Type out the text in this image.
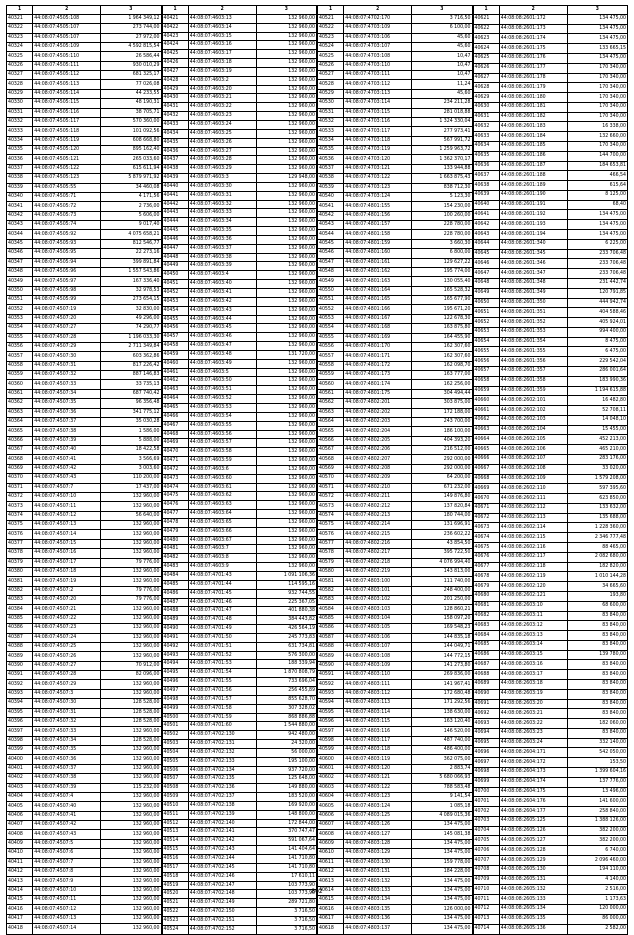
1	2	3
40321	44:08:07:4505:108	1 964 349,12
40322	44:08:07:4505:107	273 744,00
40323	44:08:07:4505:107	27 972,00
40324	44:08:07:4505:109	4 592 815,54
40325	44:08:07:4505:110	26 586,44
40326	44:08:07:4505:111	930 010,29
40327	44:08:07:4505:112	681 325,17
40328	44:08:07:4505:113	77 026,08
40329	44:08:07:4505:114	44 233,55
40330	44:08:07:4505:115	48 190,31
40331	44:08:07:4505:116	38 705,71
40332	44:08:07:4505:117	570 360,00
40333	44:08:07:4505:118	101 092,56
40334	44:08:07:4505:119	608 668,80
40335	44:08:07:4505:120	895 162,40
40336	44:08:07:4505:121	265 033,60
40337	44:08:07:4505:122	615 611,94
40338	44:08:07:4505:123	5 879 971,92
40339	44:08:07:4505:55	34 460,08
40340	44:08:07:4505:71	4 171,56
40341	44:08:07:4505:72	2 736,00
40342	44:08:07:4505:73	5 606,00
40343	44:08:07:4505:74	9 017,40
40344	44:08:07:4505:92	4 075 658,21
40345	44:08:07:4505:93	812 546,77
40346	44:08:07:4505:95	22 273,16
40347	44:08:07:4505:94	399 891,84
40348	44:08:07:4505:96	1 557 543,86
40349	44:08:07:4505:97	167 336,40
40350	44:08:07:4505:98	32 978,53
40351	44:08:07:4505:99	273 654,15
40352	44:08:07:4507:19	32 830,00
40353	44:08:07:4507:20	49 296,00
40354	44:08:07:4507:27	74 290,77
40355	44:08:07:4507:28	1 196 033,30
40356	44:08:07:4507:29	2 711 349,84
40357	44:08:07:4507:30	603 362,86
40358	44:08:07:4507:31	817 226,42
40359	44:08:07:4507:32	887 146,83
40360	44:08:07:4507:33	33 735,13
40361	44:08:07:4507:34	687 740,42
40362	44:08:07:4507:35	96 356,48
40363	44:08:07:4507:36	341 775,12
40364	44:08:07:4507:37	35 030,28
40365	44:08:07:4507:38	1 586,00
40366	44:08:07:4507:39	5 888,00
40367	44:08:07:4507:40	18 422,58
40368	44:08:07:4507:41	3 566,69
40369	44:08:07:4507:42	3 003,60
40370	44:08:07:4507:43	110 200,00
40371	44:08:07:4507:7	17 437,00
40372	44:08:07:4507:10	132 960,00
40373	44:08:07:4507:11	132 960,00
40374	44:08:07:4507:12	56 640,00
40375	44:08:07:4507:13	132 960,00
40376	44:08:07:4507:14	132 960,00
40377	44:08:07:4507:15	132 960,00
40378	44:08:07:4507:16	132 960,00
40379	44:08:07:4507:17	79 776,00
40380	44:08:07:4507:18	132 960,00
40381	44:08:07:4507:19	132 960,00
40382	44:08:07:4507:2	79 776,00
40383	44:08:07:4507:20	79 776,00
40384	44:08:07:4507:21	132 960,00
40385	44:08:07:4507:22	132 960,00
40386	44:08:07:4507:23	132 960,00
40387	44:08:07:4507:24	132 960,00
40388	44:08:07:4507:25	132 960,00
40389	44:08:07:4507:26	132 960,00
40390	44:08:07:4507:27	70 912,00
40391	44:08:07:4507:28	82 096,00
40392	44:08:07:4507:29	132 960,00
40393	44:08:07:4507:3	132 960,00
40394	44:08:07:4507:30	128 528,00
40395	44:08:07:4507:31	128 528,00
40396	44:08:07:4507:32	128 528,00
40397	44:08:07:4507:33	132 960,00
40398	44:08:07:4507:34	128 528,00
40399	44:08:07:4507:35	132 960,00
40400	44:08:07:4507:36	132 960,00
40401	44:08:07:4507:37	132 960,00
40402	44:08:07:4507:38	132 960,00
40403	44:08:07:4507:39	115 232,00
40404	44:08:07:4507:4	132 960,00
40405	44:08:07:4507:40	132 960,00
40406	44:08:07:4507:41	132 960,00
40407	44:08:07:4507:42	132 960,00
40408	44:08:07:4507:43	132 960,00
40409	44:08:07:4507:5	132 960,00
40410	44:08:07:4507:6	132 960,00
40411	44:08:07:4507:7	132 960,00
40412	44:08:07:4507:8	132 960,00
40413	44:08:07:4507:9	132 960,00
40414	44:08:07:4507:10	132 960,00
40415	44:08:07:4507:11	132 960,00
40416	44:08:07:4507:12	132 960,00
40417	44:08:07:4507:13	132 960,00
40418	44:08:07:4507:14	132 960,00
1	2	3
40421	44:08:07:4603:13	132 960,00
40422	44:08:07:4603:14	132 960,00
40423	44:08:07:4603:15	132 960,00
40424	44:08:07:4603:16	132 960,00
40425	44:08:07:4603:17	132 960,00
40426	44:08:07:4603:18	132 960,00
40427	44:08:07:4603:19	132 960,00
40428	44:08:07:4603:2	132 960,00
40429	44:08:07:4603:20	132 960,00
40430	44:08:07:4603:21	132 960,00
40431	44:08:07:4603:22	132 960,00
40432	44:08:07:4603:23	132 960,00
40433	44:08:07:4603:24	132 960,00
40434	44:08:07:4603:25	132 960,00
40435	44:08:07:4603:26	132 960,00
40436	44:08:07:4603:27	132 960,00
40437	44:08:07:4603:28	132 960,00
40438	44:08:07:4603:29	132 960,00
40439	44:08:07:4603:3	129 948,00
40440	44:08:07:4603:30	132 960,00
40441	44:08:07:4603:31	132 960,00
40442	44:08:07:4603:32	132 960,00
40443	44:08:07:4603:33	132 960,00
40444	44:08:07:4603:34	132 960,00
40445	44:08:07:4603:35	132 960,00
40446	44:08:07:4603:36	132 960,00
40447	44:08:07:4603:37	132 960,00
40448	44:08:07:4603:38	132 960,00
40449	44:08:07:4603:39	132 960,00
40450	44:08:07:4603:4	132 960,00
40451	44:08:07:4603:40	132 960,00
40452	44:08:07:4603:41	132 960,00
40453	44:08:07:4603:42	132 960,00
40454	44:08:07:4603:43	132 960,00
40455	44:08:07:4603:44	132 960,00
40456	44:08:07:4603:45	132 960,00
40457	44:08:07:4603:46	132 960,00
40458	44:08:07:4603:47	132 960,00
40459	44:08:07:4603:48	131 720,00
40460	44:08:07:4603:49	132 960,00
40461	44:08:07:4603:5	132 960,00
40462	44:08:07:4603:50	132 960,00
40463	44:08:07:4603:51	132 960,00
40464	44:08:07:4603:52	132 960,00
40465	44:08:07:4603:53	132 960,00
40466	44:08:07:4603:54	132 960,00
40467	44:08:07:4603:55	132 960,00
40468	44:08:07:4603:56	132 960,00
40469	44:08:07:4603:57	132 960,00
40470	44:08:07:4603:58	132 960,00
40471	44:08:07:4603:59	132 960,00
40472	44:08:07:4603:6	132 960,00
40473	44:08:07:4603:60	132 960,00
40474	44:08:07:4603:61	132 960,00
40475	44:08:07:4603:62	132 960,00
40476	44:08:07:4603:63	132 960,00
40477	44:08:07:4603:64	132 960,00
40478	44:08:07:4603:65	132 960,00
40479	44:08:07:4603:66	132 960,00
40480	44:08:07:4603:67	132 960,00
40481	44:08:07:4603:7	132 960,00
40482	44:08:07:4603:8	132 960,00
40483	44:08:07:4603:9	132 960,00
40484	44:08:07:4701:43	1 091 106,36
40485	44:08:07:4701:44	114 595,16
40486	44:08:07:4701:45	932 744,55
40487	44:08:07:4701:46	225 367,05
40488	44:08:07:4701:47	401 880,38
40489	44:08:07:4701:48	384 443,82
40490	44:08:07:4701:49	426 564,19
40491	44:08:07:4701:50	245 773,83
40492	44:08:07:4701:51	631 734,81
40493	44:08:07:4701:52	576 300,00
40494	44:08:07:4701:53	188 339,94
40495	44:08:07:4701:54	1 870 808,79
40496	44:08:07:4701:55	733 696,04
40497	44:08:07:4701:56	256 455,89
40498	44:08:07:4701:57	855 628,70
40499	44:08:07:4701:58	307 328,02
40500	44:08:07:4701:59	868 886,88
40501	44:08:07:4701:60	1 544 880,00
40502	44:08:07:4702:130	942 480,00
40503	44:08:07:4702:131	24 320,00
40504	44:08:07:4702:132	56 000,00
40505	44:08:07:4702:133	195 100,00
40506	44:08:07:4702:134	937 720,00
40507	44:08:07:4702:135	125 648,00
40508	44:08:07:4702:136	149 880,00
40509	44:08:07:4702:137	183 520,00
40510	44:08:07:4702:138	169 920,00
40511	44:08:07:4702:139	148 800,00
40512	44:08:07:4702:140	172 844,00
40513	44:08:07:4702:141	370 747,47
40514	44:08:07:4702:142	591 067,64
40515	44:08:07:4702:143	141 404,64
40516	44:08:07:4702:144	141 710,80
40517	44:08:07:4702:145	141 710,80
40518	44:08:07:4702:146	17 610,11
40519	44:08:07:4702:147	103 773,90
40520	44:08:07:4702:148	103 773,90
40521	44:08:07:4702:149	289 721,80
40522	44:08:07:4702:150	3 716,50
40523	44:08:07:4702:151	3 716,50
40524	44:08:07:4702:152	3 716,50
1	2	3
40521	44:08:07:4702:170	3 716,50
40522	44:08:07:4703:109	6 100,00
40523	44:08:07:4703:106	45,60
40524	44:08:07:4703:107	45,60
40525	44:08:07:4703:108	10,47
40526	44:08:07:4703:110	10,47
40527	44:08:07:4703:111	10,47
40528	44:08:07:4703:112	11,24
40529	44:08:07:4703:113	45,60
40530	44:08:07:4703:114	234 211,28
40531	44:08:07:4703:115	281 018,88
40532	44:08:07:4703:116	1 324 330,04
40533	44:08:07:4703:117	277 973,41
40534	44:08:07:4703:118	567 991,72
40535	44:08:07:4703:119	1 259 963,72
40536	44:08:07:4703:120	1 362 370,17
40537	44:08:07:4703:121	133 944,88
40538	44:08:07:4703:122	1 663 875,43
40539	44:08:07:4703:123	838 712,30
40540	44:08:07:4703:124	5 123,30
40541	44:08:07:4801:155	154 230,00
40542	44:08:07:4801:156	100 260,00
40543	44:08:07:4801:157	228 780,00
40544	44:08:07:4801:158	228 780,00
40545	44:08:07:4801:159	3 660,30
40546	44:08:07:4801:160	6 800,00
40547	44:08:07:4801:161	129 627,22
40548	44:08:07:4801:162	195 774,00
40549	44:08:07:4801:163	130 055,40
40550	44:08:07:4801:164	165 528,32
40551	44:08:07:4801:165	165 677,90
40552	44:08:07:4801:166	195 671,20
40553	44:08:07:4801:167	122 678,30
40554	44:08:07:4801:168	163 875,80
40555	44:08:07:4801:169	164 455,90
40556	44:08:07:4801:170	162 307,60
40557	44:08:07:4801:171	162 307,60
40558	44:08:07:4801:172	162 098,70
40559	44:08:07:4801:173	163 777,00
40560	44:08:07:4801:174	162 256,00
40561	44:08:07:4801:175	304 494,44
40562	44:08:07:4802:201	303 875,00
40563	44:08:07:4802:202	172 188,00
40564	44:08:07:4802:203	243 700,00
40565	44:08:07:4802:204	186 100,00
40566	44:08:07:4802:205	404 393,20
40567	44:08:07:4802:206	216 512,00
40568	44:08:07:4802:207	292 000,00
40569	44:08:07:4802:208	292 000,00
40570	44:08:07:4802:209	64 200,00
40571	44:08:07:4802:210	671 232,00
40572	44:08:07:4802:211	149 876,80
40573	44:08:07:4802:212	137 820,84
40574	44:08:07:4802:213	180 744,00
40575	44:08:07:4802:214	131 696,91
40576	44:08:07:4802:215	236 602,22
40577	44:08:07:4802:216	43 854,50
40578	44:08:07:4802:217	395 722,50
40579	44:08:07:4802:218	4 076 994,40
40580	44:08:07:4802:219	143 813,00
40581	44:08:07:4803:100	111 740,00
40582	44:08:07:4803:101	248 400,00
40583	44:08:07:4803:102	201 250,00
40584	44:08:07:4803:103	128 860,21
40585	44:08:07:4803:104	158 097,20
40586	44:08:07:4803:105	169 548,23
40587	44:08:07:4803:106	144 835,18
40588	44:08:07:4803:107	144 049,71
40589	44:08:07:4803:108	144 772,15
40590	44:08:07:4803:109	141 273,80
40591	44:08:07:4803:110	269 836,00
40592	44:08:07:4803:111	141 967,41
40593	44:08:07:4803:112	172 680,48
40594	44:08:07:4803:113	171 292,56
40595	44:08:07:4803:114	138 630,00
40596	44:08:07:4803:115	163 120,40
40597	44:08:07:4803:116	146 520,00
40598	44:08:07:4803:117	487 740,00
40599	44:08:07:4803:118	486 400,00
40600	44:08:07:4803:119	362 075,00
40601	44:08:07:4803:120	2 883,74
40602	44:08:07:4803:121	5 680 066,93
40603	44:08:07:4803:122	788 583,48
40604	44:08:07:4803:123	9 141,54
40605	44:08:07:4803:124	1 085,18
40606	44:08:07:4803:125	4 089 015,36
40607	44:08:07:4803:126	134 475,00
40608	44:08:07:4803:127	145 081,38
40609	44:08:07:4803:128	134 475,00
40610	44:08:07:4803:129	134 475,00
40611	44:08:07:4803:130	159 778,00
40612	44:08:07:4803:131	184 228,00
40613	44:08:07:4803:132	134 475,00
40614	44:08:07:4803:133	134 475,00
40615	44:08:07:4803:134	134 475,00
40616	44:08:07:4803:135	126 000,00
40617	44:08:07:4803:136	134 475,00
40618	44:08:07:4803:137	134 475,00
1	2	3
40621	44:08:08:2601:172	134 475,00
40622	44:08:08:2601:173	134 475,00
40623	44:08:08:2601:174	134 475,00
40624	44:08:08:2601:175	133 665,15
40625	44:08:08:2601:176	134 475,00
40626	44:08:08:2601:177	170 340,00
40627	44:08:08:2601:178	170 340,00
40628	44:08:08:2601:179	170 340,00
40629	44:08:08:2601:180	170 340,00
40630	44:08:08:2601:181	170 340,00
40631	44:08:08:2601:182	170 340,00
40632	44:08:08:2601:183	16 338,00
40633	44:08:08:2601:184	132 660,00
40634	44:08:08:2601:185	170 340,00
40635	44:08:08:2601:186	144 700,00
40636	44:08:08:2601:187	184 653,81
40637	44:08:08:2601:188	466,54
40638	44:08:08:2601:189	615,64
40639	44:08:08:2601:190	8 125,00
40640	44:08:08:2601:191	68,40
40641	44:08:08:2601:192	134 475,00
40642	44:08:08:2601:193	134 475,00
40643	44:08:08:2601:194	134 475,00
40644	44:08:08:2601:340	6 225,00
40645	44:08:08:2601:345	233 706,48
40646	44:08:08:2601:346	233 706,48
40647	44:08:08:2601:347	233 706,48
40648	44:08:08:2601:348	231 442,74
40649	44:08:08:2601:349	120 791,85
40650	44:08:08:2601:350	444 942,74
40651	44:08:08:2601:351	404 588,46
40652	44:08:08:2601:352	405 924,01
40653	44:08:08:2601:353	994 400,00
40654	44:08:08:2601:354	8 475,00
40655	44:08:08:2601:355	6 475,00
40656	44:08:08:2601:356	229 542,04
40657	44:08:08:2601:357	286 001,64
40658	44:08:08:2601:358	183 990,36
40659	44:08:08:2601:359	1 194 615,88
40660	44:08:08:2602:101	16 482,80
40661	44:08:08:2602:102	52 708,11
40662	44:08:08:2602:103	14 048,10
40663	44:08:08:2602:104	15 455,00
40664	44:08:08:2602:105	452 213,00
40665	44:08:08:2602:106	465 210,00
40666	44:08:08:2602:107	283 176,00
40667	44:08:08:2602:108	33 020,00
40668	44:08:08:2602:109	1 579 208,00
40669	44:08:08:2602:110	597 395,60
40670	44:08:08:2602:111	623 850,00
40671	44:08:08:2602:112	133 632,00
40672	44:08:08:2602:113	135 688,00
40673	44:08:08:2602:114	1 228 360,00
40674	44:08:08:2602:115	2 346 777,48
40675	44:08:08:2602:116	88 465,00
40676	44:08:08:2602:117	2 082 680,00
40677	44:08:08:2602:118	182 820,00
40678	44:08:08:2602:119	1 010 144,28
40679	44:08:08:2602:120	34 665,60
40680	44:08:08:2602:121	193,80
40681	44:08:08:2603:10	68 600,00
40682	44:08:08:2603:11	83 840,00
40683	44:08:08:2603:12	83 840,00
40684	44:08:08:2603:13	83 840,00
40685	44:08:08:2603:14	83 840,00
40686	44:08:08:2603:15	139 780,00
40687	44:08:08:2603:16	83 840,00
40688	44:08:08:2603:17	83 840,00
40689	44:08:08:2603:18	83 840,00
40690	44:08:08:2603:19	83 840,00
40691	44:08:08:2603:20	83 840,00
40692	44:08:08:2603:21	83 840,00
40693	44:08:08:2603:22	182 060,00
40694	44:08:08:2603:23	83 840,00
40695	44:08:08:2603:24	332 140,00
40696	44:08:08:2604:171	542 050,00
40697	44:08:08:2604:172	153,50
40698	44:08:08:2604:173	1 399 604,16
40699	44:08:08:2604:174	137 776,00
40700	44:08:08:2604:175	13 496,00
40701	44:08:08:2604:176	141 600,00
40702	44:08:08:2604:177	258 840,00
40703	44:08:08:2605:125	1 388 126,00
40704	44:08:08:2605:126	382 200,00
40705	44:08:08:2605:127	382 200,00
40706	44:08:08:2605:128	6 740,00
40707	44:08:08:2605:129	2 096 460,00
40708	44:08:08:2605:130	194 110,00
40709	44:08:08:2605:131	4 140,00
40710	44:08:08:2605:132	2 516,00
40711	44:08:08:2605:133	1 173,63
40712	44:08:08:2605:134	120 000,00
40713	44:08:08:2605:135	86 000,00
40714	44:08:08:2605:136	2 582,00
802
